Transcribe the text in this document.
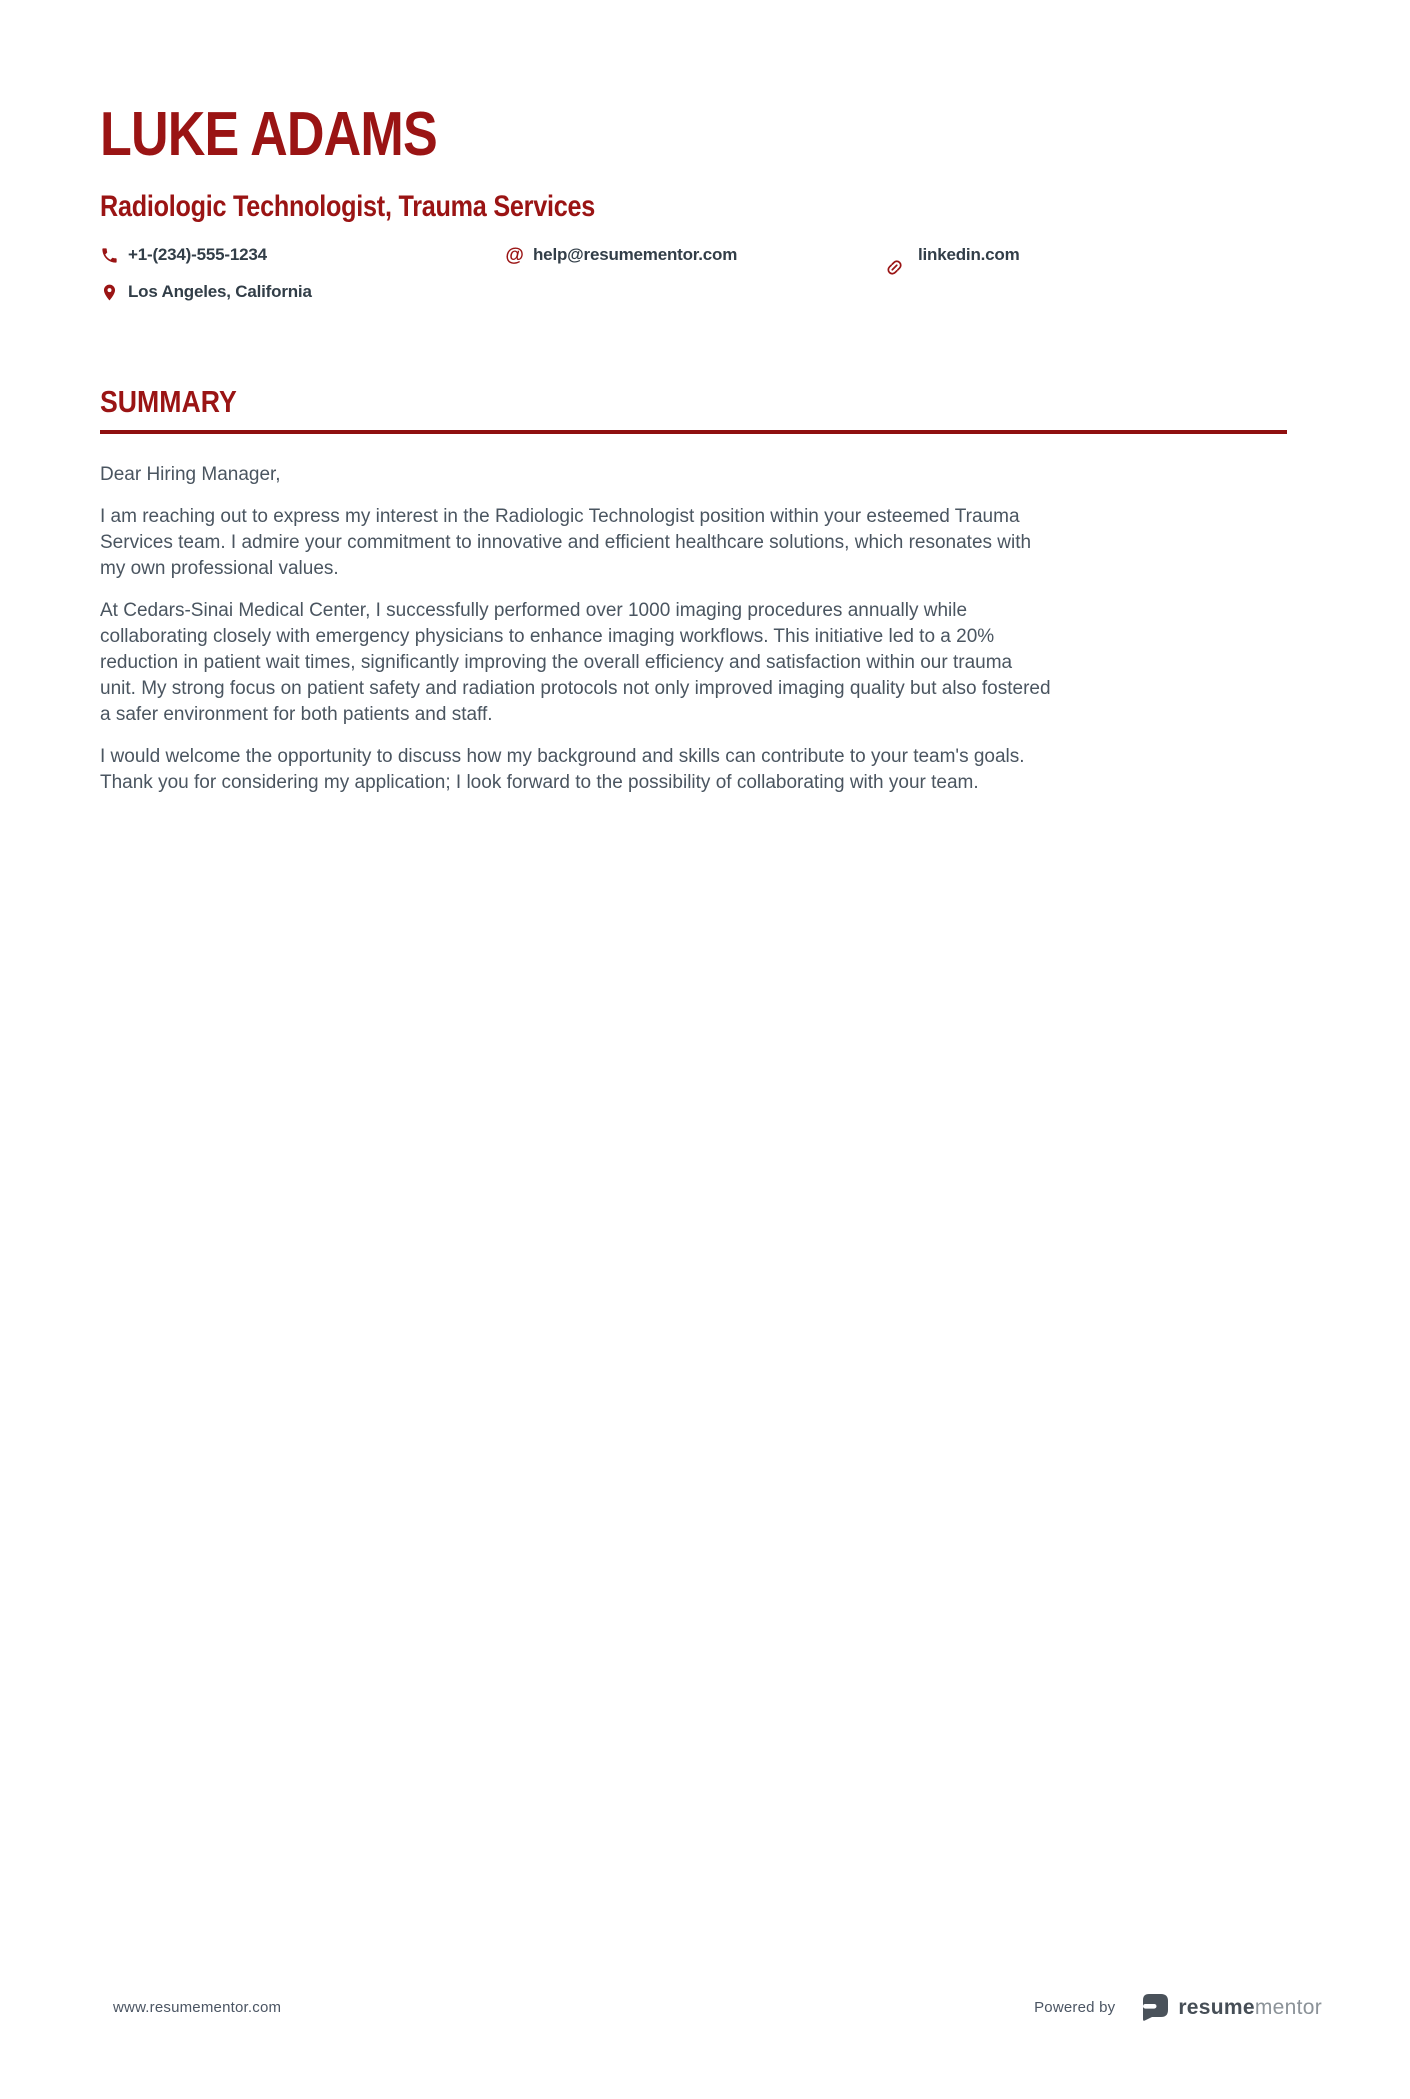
LUKE ADAMS
Radiologic Technologist, Trauma Services
+1-(234)-555-1234	@ help@resumementor.com	linkedin.com
Los Angeles, California
SUMMARY

Dear Hiring Manager,

I am reaching out to express my interest in the Radiologic Technologist position within your esteemed Trauma Services team. I admire your commitment to innovative and efficient healthcare solutions, which resonates with my own professional values.

At Cedars-Sinai Medical Center, I successfully performed over 1000 imaging procedures annually while collaborating closely with emergency physicians to enhance imaging workflows. This initiative led to a 20% reduction in patient wait times, significantly improving the overall efficiency and satisfaction within our trauma unit. My strong focus on patient safety and radiation protocols not only improved imaging quality but also fostered a safer environment for both patients and staff.

I would welcome the opportunity to discuss how my background and skills can contribute to your team's goals. Thank you for considering my application; I look forward to the possibility of collaborating with your team.

www.resumementor.com	Powered by	resumementor
